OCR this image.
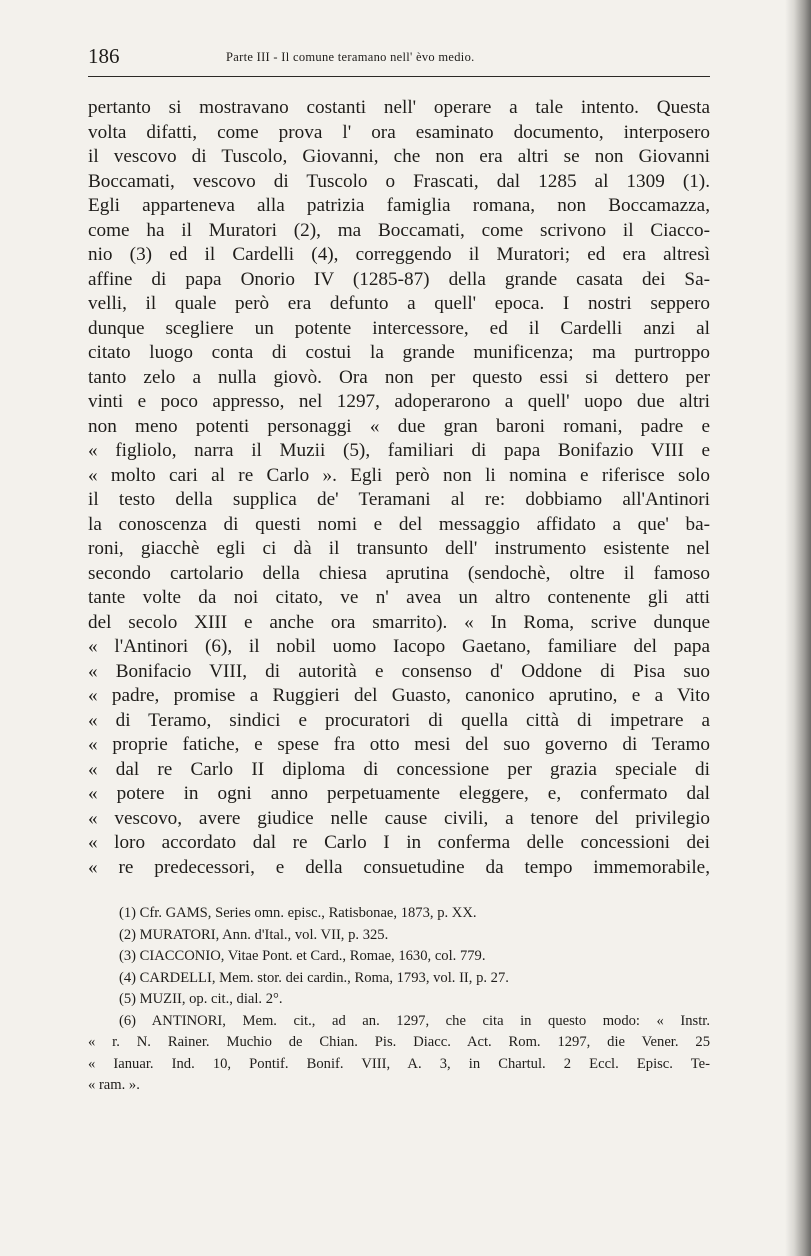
186	Parte III - Il comune teramano nell' èvo medio.
pertanto si mostravano costanti nell' operare a tale intento. Questa
volta difatti, come prova l' ora esaminato documento, interposero
il vescovo di Tuscolo, Giovanni, che non era altri se non Giovanni
Boccamati, vescovo di Tuscolo o Frascati, dal 1285 al 1309 (1).
Egli apparteneva alla patrizia famiglia romana, non Boccamazza,
come ha il Muratori (2), ma Boccamati, come scrivono il Ciacco-
nio (3) ed il Cardelli (4), correggendo il Muratori; ed era altresì
affine di papa Onorio IV (1285-87) della grande casata dei Sa-
velli, il quale però era defunto a quell' epoca. I nostri seppero
dunque scegliere un potente intercessore, ed il Cardelli anzi al
citato luogo conta di costui la grande munificenza; ma purtroppo
tanto zelo a nulla giovò. Ora non per questo essi si dettero per
vinti e poco appresso, nel 1297, adoperarono a quell' uopo due altri
non meno potenti personaggi « due gran baroni romani, padre e
« figliolo, narra il Muzii (5), familiari di papa Bonifazio VIII e
« molto cari al re Carlo ». Egli però non li nomina e riferisce solo
il testo della supplica de' Teramani al re: dobbiamo all'Antinori
la conoscenza di questi nomi e del messaggio affidato a que' ba-
roni, giacchè egli ci dà il transunto dell' instrumento esistente nel
secondo cartolario della chiesa aprutina (sendochè, oltre il famoso
tante volte da noi citato, ve n' avea un altro contenente gli atti
del secolo XIII e anche ora smarrito). « In Roma, scrive dunque
« l'Antinori (6), il nobil uomo Iacopo Gaetano, familiare del papa
« Bonifacio VIII, di autorità e consenso d' Oddone di Pisa suo
« padre, promise a Ruggieri del Guasto, canonico aprutino, e a Vito
« di Teramo, sindici e procuratori di quella città di impetrare a
« proprie fatiche, e spese fra otto mesi del suo governo di Teramo
« dal re Carlo II diploma di concessione per grazia speciale di
« potere in ogni anno perpetuamente eleggere, e, confermato dal
« vescovo, avere giudice nelle cause civili, a tenore del privilegio
« loro accordato dal re Carlo I in conferma delle concessioni dei
« re predecessori, e della consuetudine da tempo immemorabile,
(1) Cfr. GAMS, Series omn. episc., Ratisbonae, 1873, p. XX.
(2) MURATORI, Ann. d'Ital., vol. VII, p. 325.
(3) CIACCONIO, Vitae Pont. et Card., Romae, 1630, col. 779.
(4) CARDELLI, Mem. stor. dei cardin., Roma, 1793, vol. II, p. 27.
(5) MUZII, op. cit., dial. 2°.
(6) ANTINORI, Mem. cit., ad an. 1297, che cita in questo modo: « Instr.
« r. N. Rainer. Muchio de Chian. Pis. Diacc. Act. Rom. 1297, die Vener. 25
« Ianuar. Ind. 10, Pontif. Bonif. VIII, A. 3, in Chartul. 2 Eccl. Episc. Te-
« ram. ».
